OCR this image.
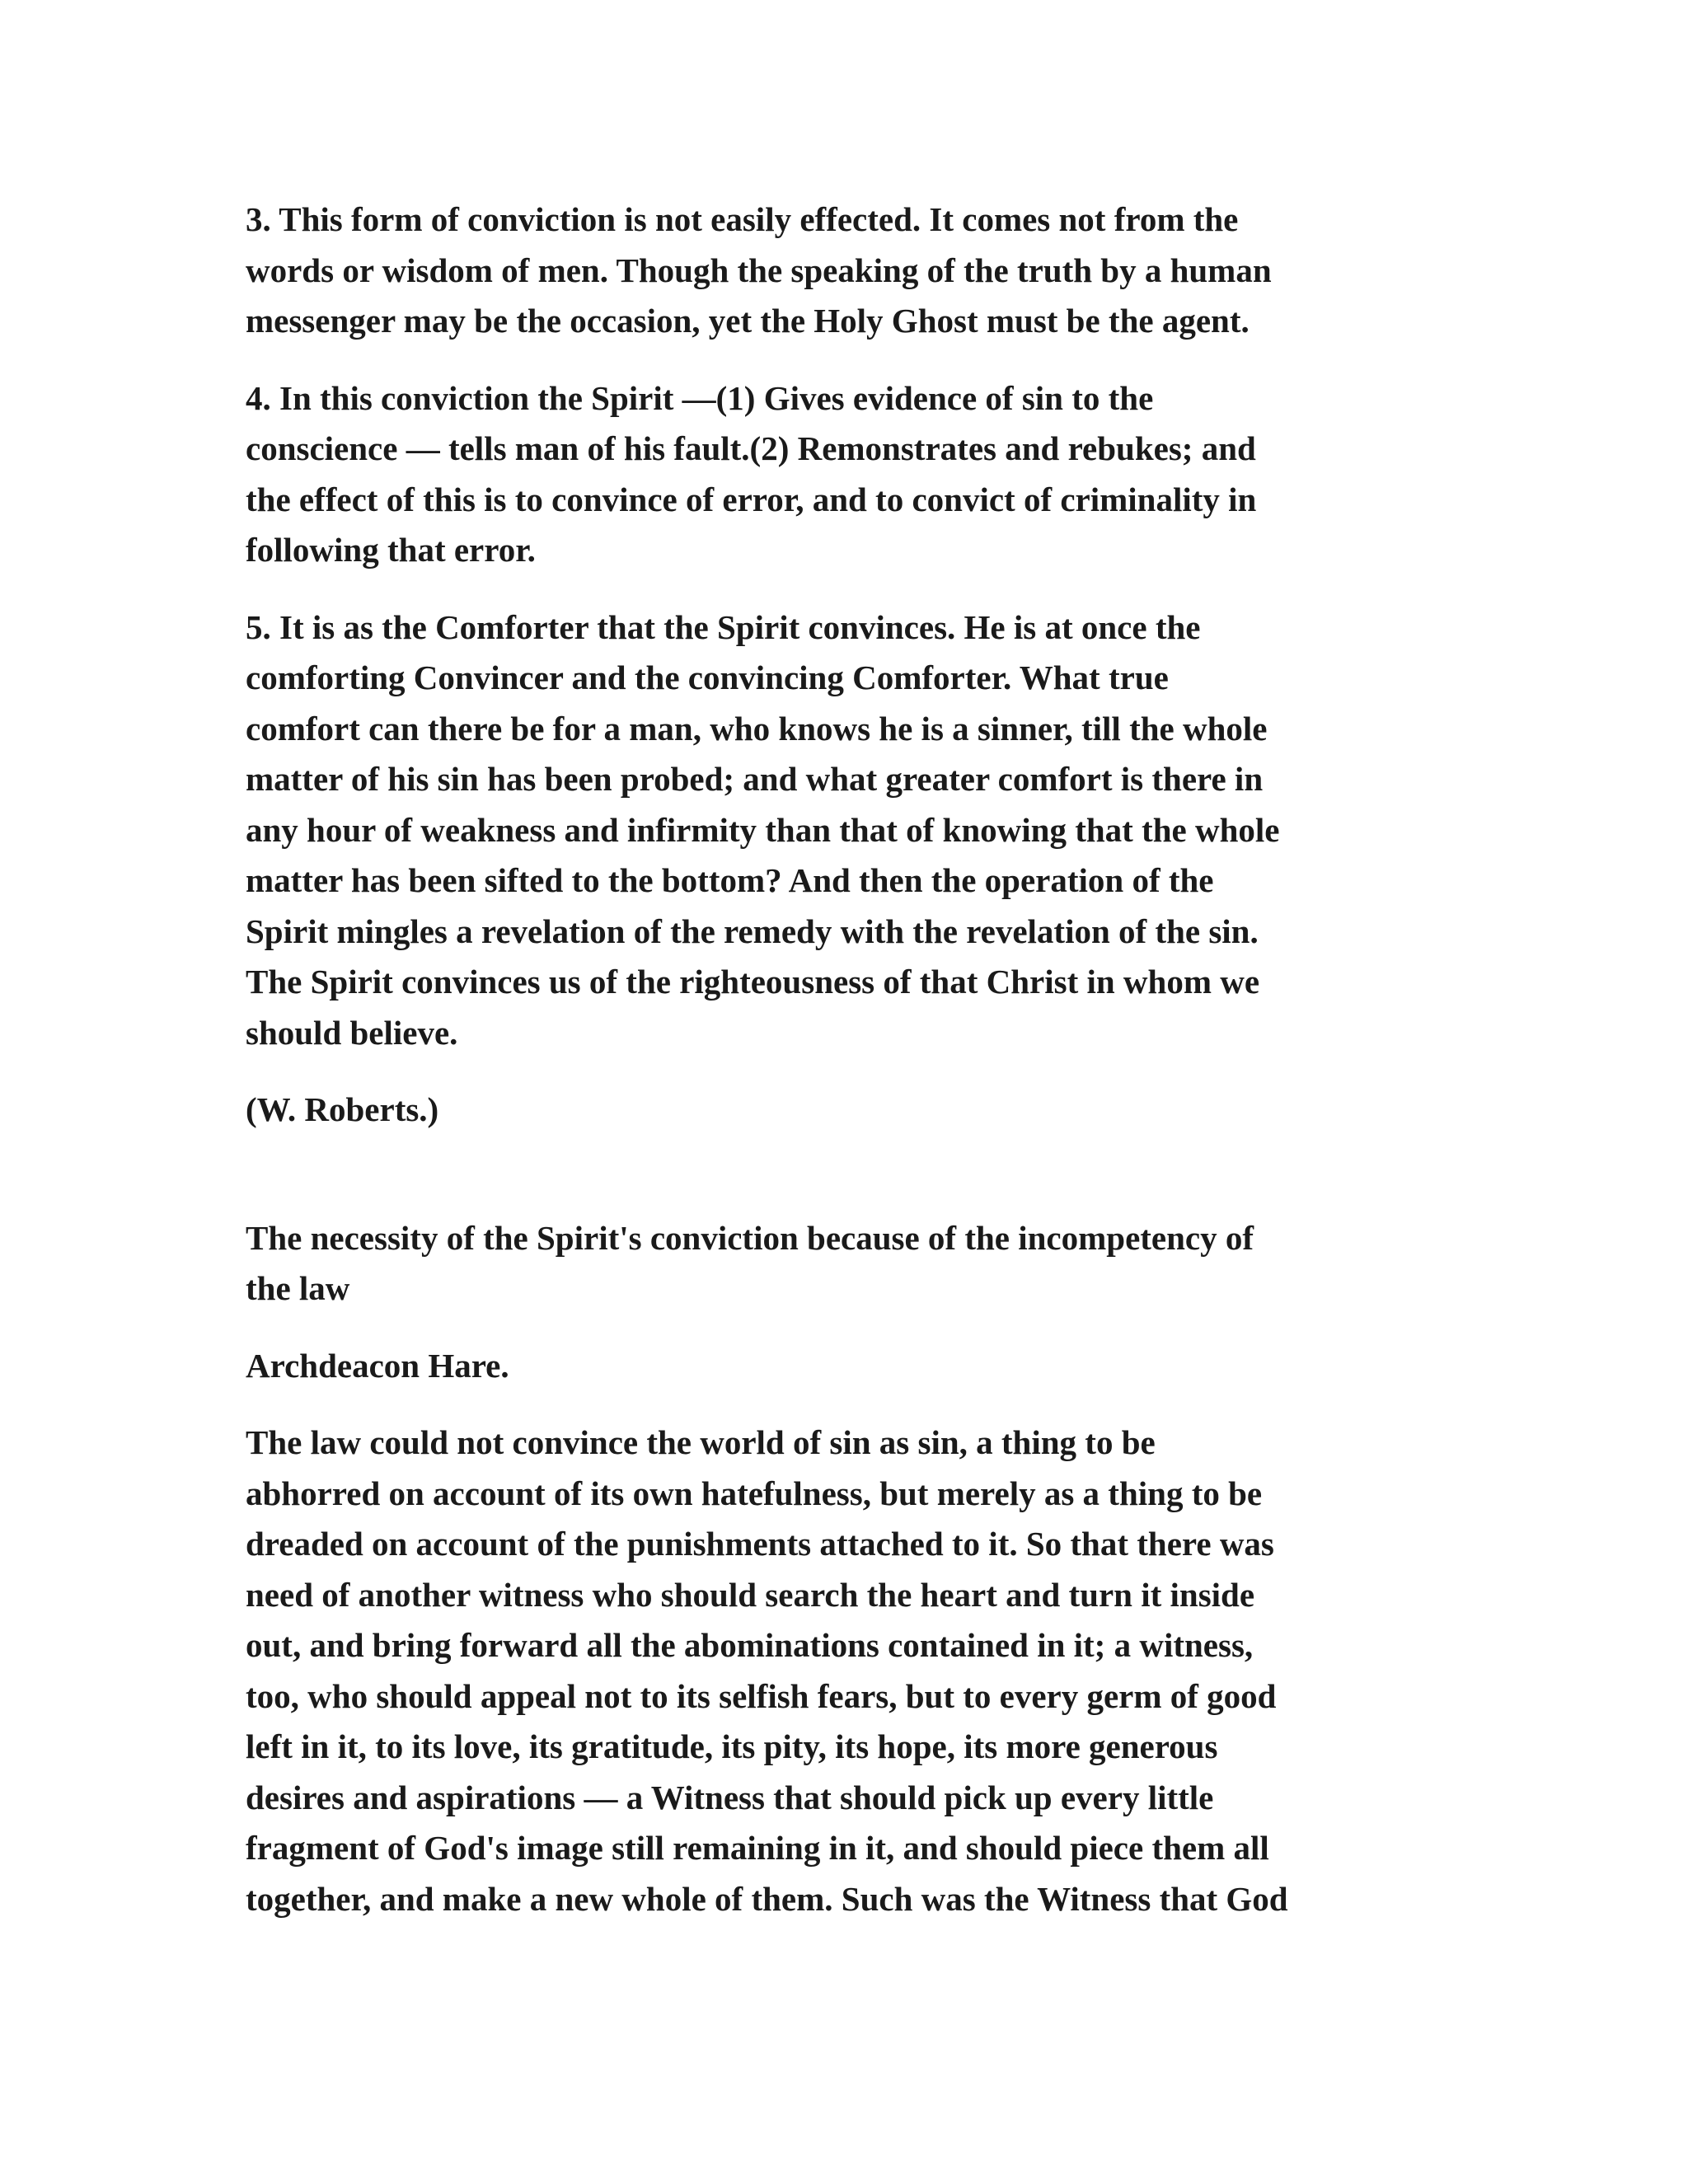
3. This form of conviction is not easily effected. It comes not from the
words or wisdom of men. Though the speaking of the truth by a human
messenger may be the occasion, yet the Holy Ghost must be the agent.

4. In this conviction the Spirit —(1) Gives evidence of sin to the
conscience — tells man of his fault.(2) Remonstrates and rebukes; and
the effect of this is to convince of error, and to convict of criminality in
following that error.

5. It is as the Comforter that the Spirit convinces. He is at once the
comforting Convincer and the convincing Comforter. What true
comfort can there be for a man, who knows he is a sinner, till the whole
matter of his sin has been probed; and what greater comfort is there in
any hour of weakness and infirmity than that of knowing that the whole
matter has been sifted to the bottom? And then the operation of the
Spirit mingles a revelation of the remedy with the revelation of the sin.
The Spirit convinces us of the righteousness of that Christ in whom we
should believe.

(W. Roberts.)

The necessity of the Spirit's conviction because of the incompetency of
the law

Archdeacon Hare.

The law could not convince the world of sin as sin, a thing to be
abhorred on account of its own hatefulness, but merely as a thing to be
dreaded on account of the punishments attached to it. So that there was
need of another witness who should search the heart and turn it inside
out, and bring forward all the abominations contained in it; a witness,
too, who should appeal not to its selfish fears, but to every germ of good
left in it, to its love, its gratitude, its pity, its hope, its more generous
desires and aspirations — a Witness that should pick up every little
fragment of God's image still remaining in it, and should piece them all
together, and make a new whole of them. Such was the Witness that God
